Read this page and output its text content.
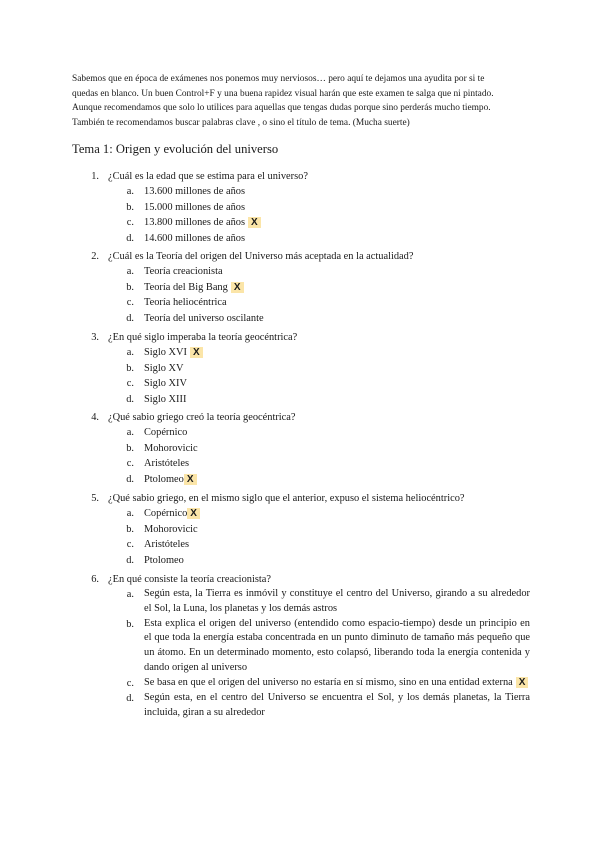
Sabemos que en época de exámenes nos ponemos muy nerviosos… pero aquí te dejamos una ayudita por si te
quedas en blanco. Un buen Control+F y una buena rapidez visual harán que este examen te salga que ni pintado.
Aunque recomendamos que solo lo utilices para aquellas que tengas dudas porque sino perderás mucho tiempo.
También te recomendamos buscar palabras clave , o sino el título de tema. (Mucha suerte)
Tema 1: Origen y evolución del universo
1. ¿Cuál es la edad que se estima para el universo?
a. 13.600 millones de años
b. 15.000 millones de años
c. 13.800 millones de años X
d. 14.600 millones de años
2. ¿Cuál es la Teoría del origen del Universo más aceptada en la actualidad?
a. Teoría creacionista
b. Teoría del Big Bang X
c. Teoría heliocéntrica
d. Teoría del universo oscilante
3. ¿En qué siglo imperaba la teoría geocéntrica?
a. Siglo XVI X
b. Siglo XV
c. Siglo XIV
d. Siglo XIII
4. ¿Qué sabio griego creó la teoría geocéntrica?
a. Copérnico
b. Mohorovicic
c. Aristóteles
d. Ptolomeo X
5. ¿Qué sabio griego, en el mismo siglo que el anterior, expuso el sistema heliocéntrico?
a. Copérnico X
b. Mohorovicic
c. Aristóteles
d. Ptolomeo
6. ¿En qué consiste la teoría creacionista?
a. Según esta, la Tierra es inmóvil y constituye el centro del Universo, girando a su alrededor el Sol, la Luna, los planetas y los demás astros
b. Esta explica el origen del universo (entendido como espacio-tiempo) desde un principio en el que toda la energía estaba concentrada en un punto diminuto de tamaño más pequeño que un átomo. En un determinado momento, esto colapsó, liberando toda la energía contenida y dando origen al universo
c. Se basa en que el origen del universo no estaría en sí mismo, sino en una entidad externa X
d. Según esta, en el centro del Universo se encuentra el Sol, y los demás planetas, la Tierra incluida, giran a su alrededor
